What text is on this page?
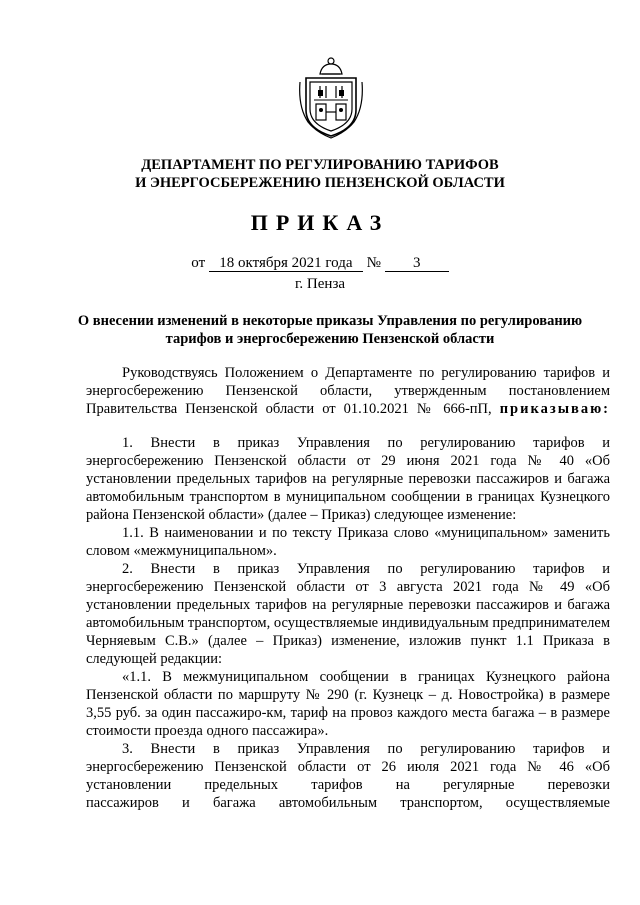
ДЕПАРТАМЕНТ ПО РЕГУЛИРОВАНИЮ ТАРИФОВ
И ЭНЕРГОСБЕРЕЖЕНИЮ ПЕНЗЕНСКОЙ ОБЛАСТИ
ПРИКАЗ
от 18 октября 2021 года № 3
г. Пенза
О внесении изменений в некоторые приказы Управления по регулированию
тарифов и энергосбережению Пензенской области

Руководствуясь Положением о Департаменте по регулированию тарифов и

энергосбережению Пензенской области, утвержденным постановлением

Правительства Пензенской области от 01.10.2021 № 666-пП, приказываю:

1. Внести в приказ Управления по регулированию тарифов и

энергосбережению Пензенской области от 29 июня 2021 года № 40 «Об

установлении предельных тарифов на регулярные перевозки пассажиров и багажа

автомобильным транспортом в муниципальном сообщении в границах Кузнецкого

района Пензенской области» (далее – Приказ) следующее изменение:

1.1. В наименовании и по тексту Приказа слово «муниципальном» заменить

словом «межмуниципальном».

2. Внести в приказ Управления по регулированию тарифов и

энергосбережению Пензенской области от 3 августа 2021 года № 49 «Об

установлении предельных тарифов на регулярные перевозки пассажиров и багажа

автомобильным транспортом, осуществляемые индивидуальным предпринимателем

Черняевым С.В.» (далее – Приказ) изменение, изложив пункт 1.1 Приказа в

следующей редакции:

«1.1. В межмуниципальном сообщении в границах Кузнецкого района

Пензенской области по маршруту № 290 (г. Кузнецк – д. Новостройка) в размере

3,55 руб. за один пассажиро-км, тариф на провоз каждого места багажа – в размере

стоимости проезда одного пассажира».

3. Внести в приказ Управления по регулированию тарифов и

энергосбережению Пензенской области от 26 июля 2021 года № 46 «Об

установлении предельных тарифов на регулярные перевозки

пассажиров и багажа автомобильным транспортом, осуществляемые
